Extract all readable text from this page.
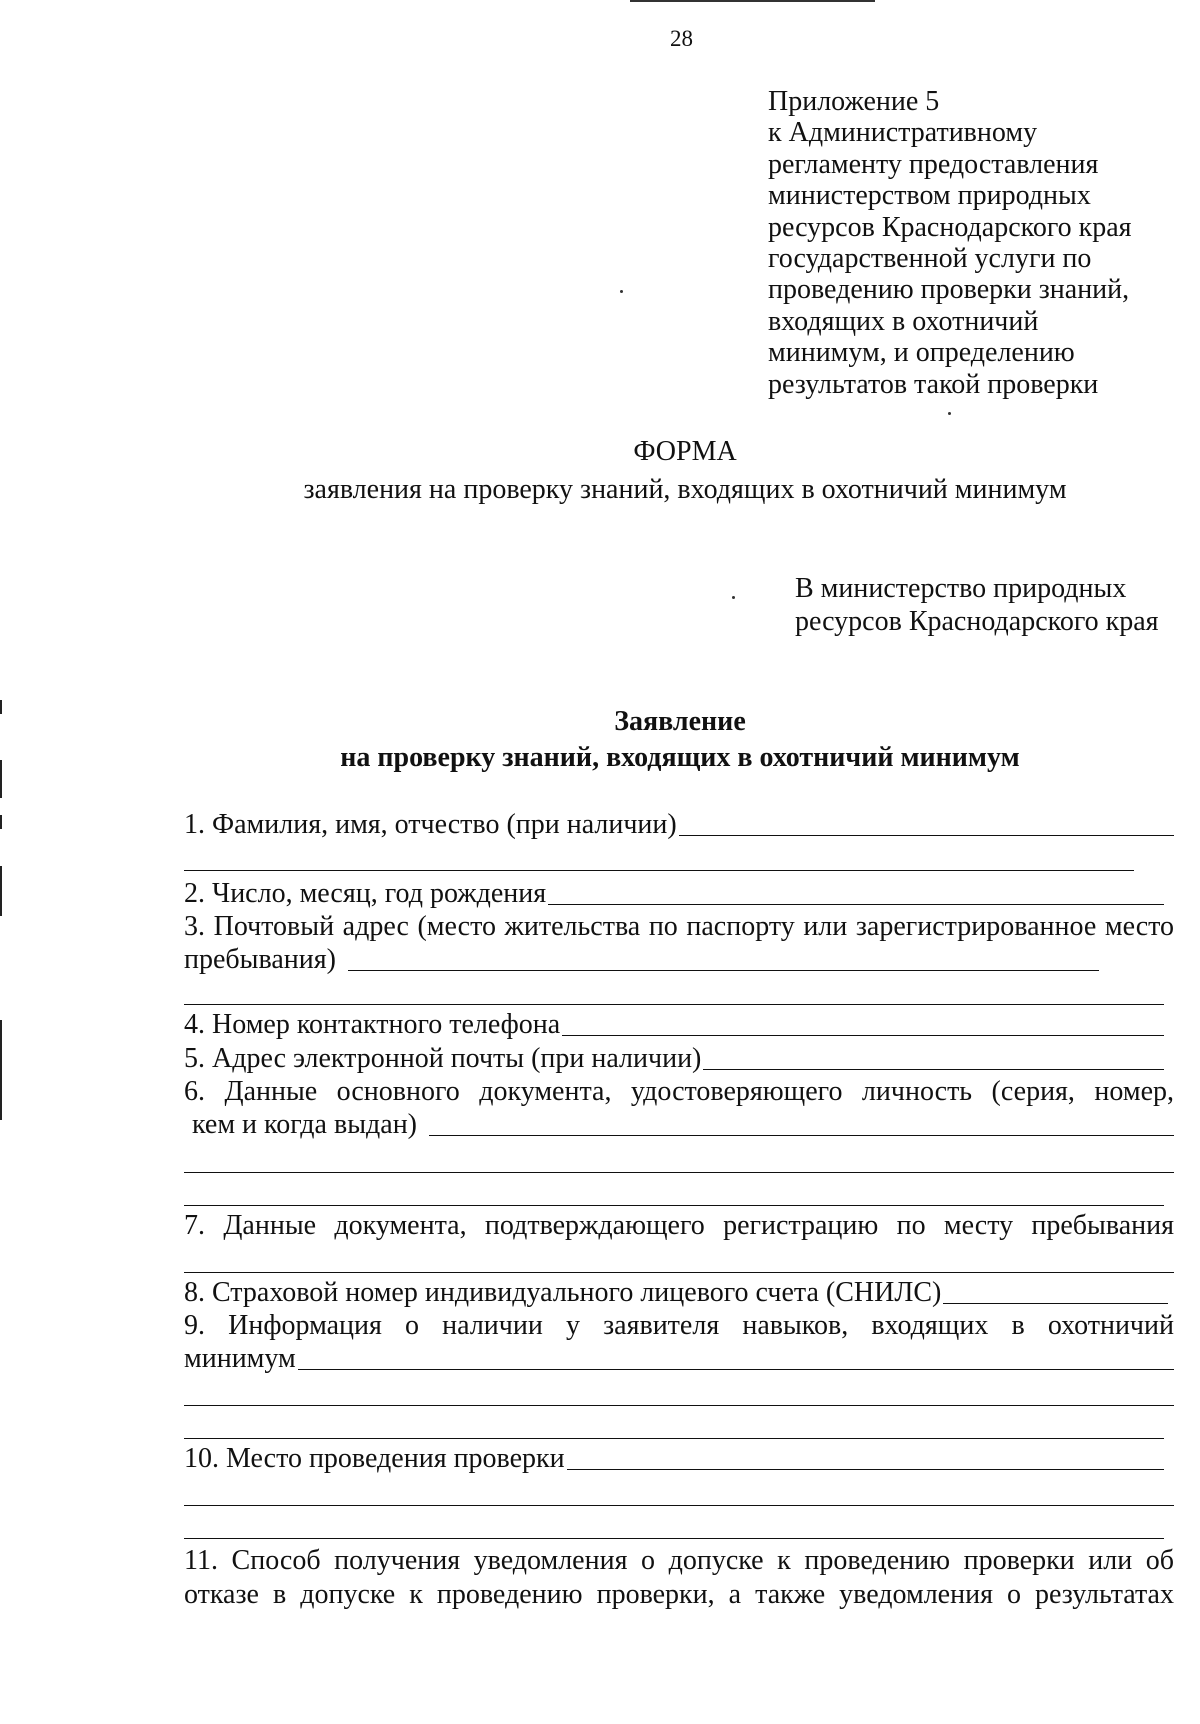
28
Приложение 5
к Административному
регламенту предоставления
министерством природных
ресурсов Краснодарского края
государственной услуги по
проведению проверки знаний,
входящих в охотничий
минимум, и определению
результатов такой проверки
ФОРМА
заявления на проверку знаний, входящих в охотничий минимум
В министерство природных
ресурсов Краснодарского края
Заявление
на проверку знаний, входящих в охотничий минимум
1. Фамилия, имя, отчество (при наличии)
2. Число, месяц, год рождения
3. Почтовый адрес (место жительства по паспорту или зарегистрированное место
пребывания)
4. Номер контактного телефона
5. Адрес электронной почты (при наличии)
6. Данные основного документа, удостоверяющего личность (серия, номер,
кем и когда выдан)
7. Данные документа, подтверждающего регистрацию по месту пребывания
8. Страховой номер индивидуального лицевого счета (СНИЛС)
9. Информация о наличии у заявителя навыков, входящих в охотничий
минимум
10. Место проведения проверки
11. Способ получения уведомления о допуске к проведению проверки или об
отказе в допуске к проведению проверки, а также уведомления о результатах
